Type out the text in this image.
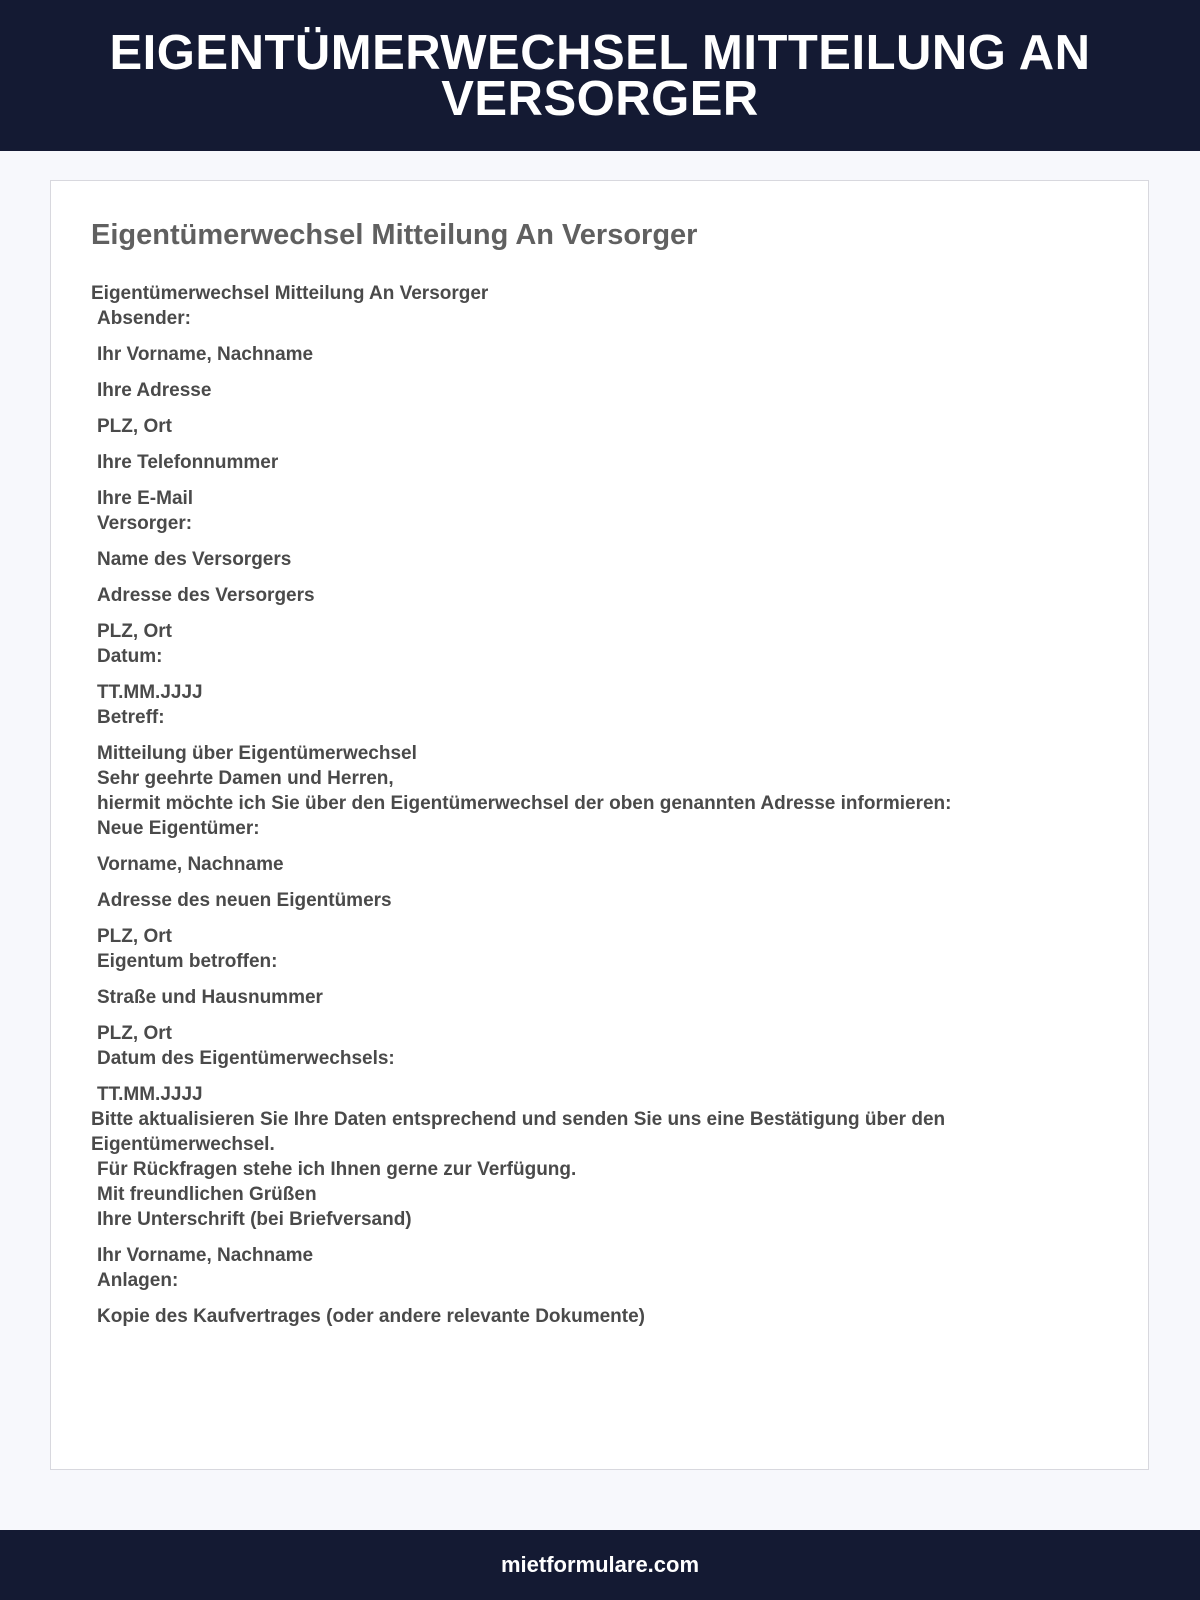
EIGENTÜMERWECHSEL MITTEILUNG AN VERSORGER
Eigentümerwechsel Mitteilung An Versorger
Eigentümerwechsel Mitteilung An Versorger
Absender:
Ihr Vorname, Nachname
Ihre Adresse
PLZ, Ort
Ihre Telefonnummer
Ihre E-Mail
Versorger:
Name des Versorgers
Adresse des Versorgers
PLZ, Ort
Datum:
TT.MM.JJJJ
Betreff:
Mitteilung über Eigentümerwechsel
Sehr geehrte Damen und Herren,
hiermit möchte ich Sie über den Eigentümerwechsel der oben genannten Adresse informieren:
Neue Eigentümer:
Vorname, Nachname
Adresse des neuen Eigentümers
PLZ, Ort
Eigentum betroffen:
Straße und Hausnummer
PLZ, Ort
Datum des Eigentümerwechsels:
TT.MM.JJJJ
Bitte aktualisieren Sie Ihre Daten entsprechend und senden Sie uns eine Bestätigung über den Eigentümerwechsel.
Für Rückfragen stehe ich Ihnen gerne zur Verfügung.
Mit freundlichen Grüßen
Ihre Unterschrift (bei Briefversand)
Ihr Vorname, Nachname
Anlagen:
Kopie des Kaufvertrages (oder andere relevante Dokumente)
mietformulare.com
